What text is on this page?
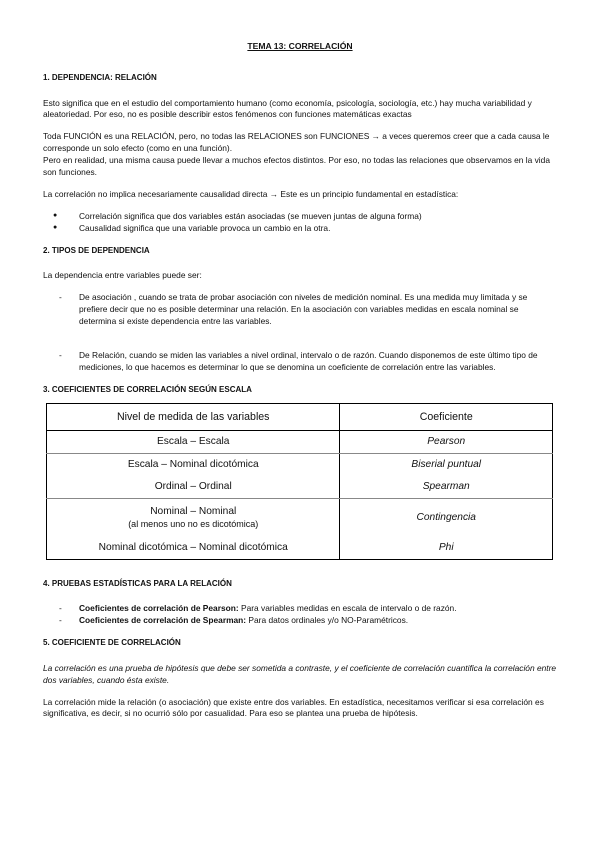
TEMA 13: CORRELACIÓN
1. DEPENDENCIA: RELACIÓN

Esto significa que en el estudio del comportamiento humano (como economía, psicología, sociología, etc.) hay mucha variabilidad y aleatoriedad. Por eso, no es posible describir estos fenómenos con funciones matemáticas exactas

Toda FUNCIÓN es una RELACIÓN, pero, no todas las RELACIONES son FUNCIONES → a veces queremos creer que a cada causa le corresponde un solo efecto (como en una función).

Pero en realidad, una misma causa puede llevar a muchos efectos distintos. Por eso, no todas las relaciones que observamos en la vida son funciones.

La correlación no implica necesariamente causalidad directa → Este es un principio fundamental en estadística:

● Correlación significa que dos variables están asociadas (se mueven juntas de alguna forma)
● Causalidad significa que una variable provoca un cambio en la otra.
2. TIPOS DE DEPENDENCIA

La dependencia entre variables puede ser:

- De asociación , cuando se trata de probar asociación con niveles de medición nominal. Es una medida muy limitada y se prefiere decir que no es posible determinar una relación. En la asociación con variables medidas en escala nominal se determina si existe dependencia entre las variables.
- De Relación, cuando se miden las variables a nivel ordinal, intervalo o de razón. Cuando disponemos de este último tipo de mediciones, lo que hacemos es determinar lo que se denomina un coeficiente de correlación entre las variables.
3. COEFICIENTES DE CORRELACIÓN SEGÚN ESCALA
Nivel de medida de las variables	Coeficiente
Escala – Escala	Pearson
Escala – Nominal dicotómica	Biserial puntual
Ordinal – Ordinal	Spearman
Nominal – Nominal
(al menos uno no es dicotómica)	Contingencia
Nominal dicotómica – Nominal dicotómica	Phi
4. PRUEBAS ESTADÍSTICAS PARA LA RELACIÓN
- Coeficientes de correlación de Pearson: Para variables medidas en escala de intervalo o de razón.
- Coeficientes de correlación de Spearman: Para datos ordinales y/o NO-Paramétricos.
5. COEFICIENTE DE CORRELACIÓN

La correlación es una prueba de hipótesis que debe ser sometida a contraste, y el coeficiente de correlación cuantifica la correlación entre dos variables, cuando ésta existe.

La correlación mide la relación (o asociación) que existe entre dos variables. En estadística, necesitamos verificar si esa correlación es significativa, es decir, si no ocurrió sólo por casualidad. Para eso se plantea una prueba de hipótesis.
